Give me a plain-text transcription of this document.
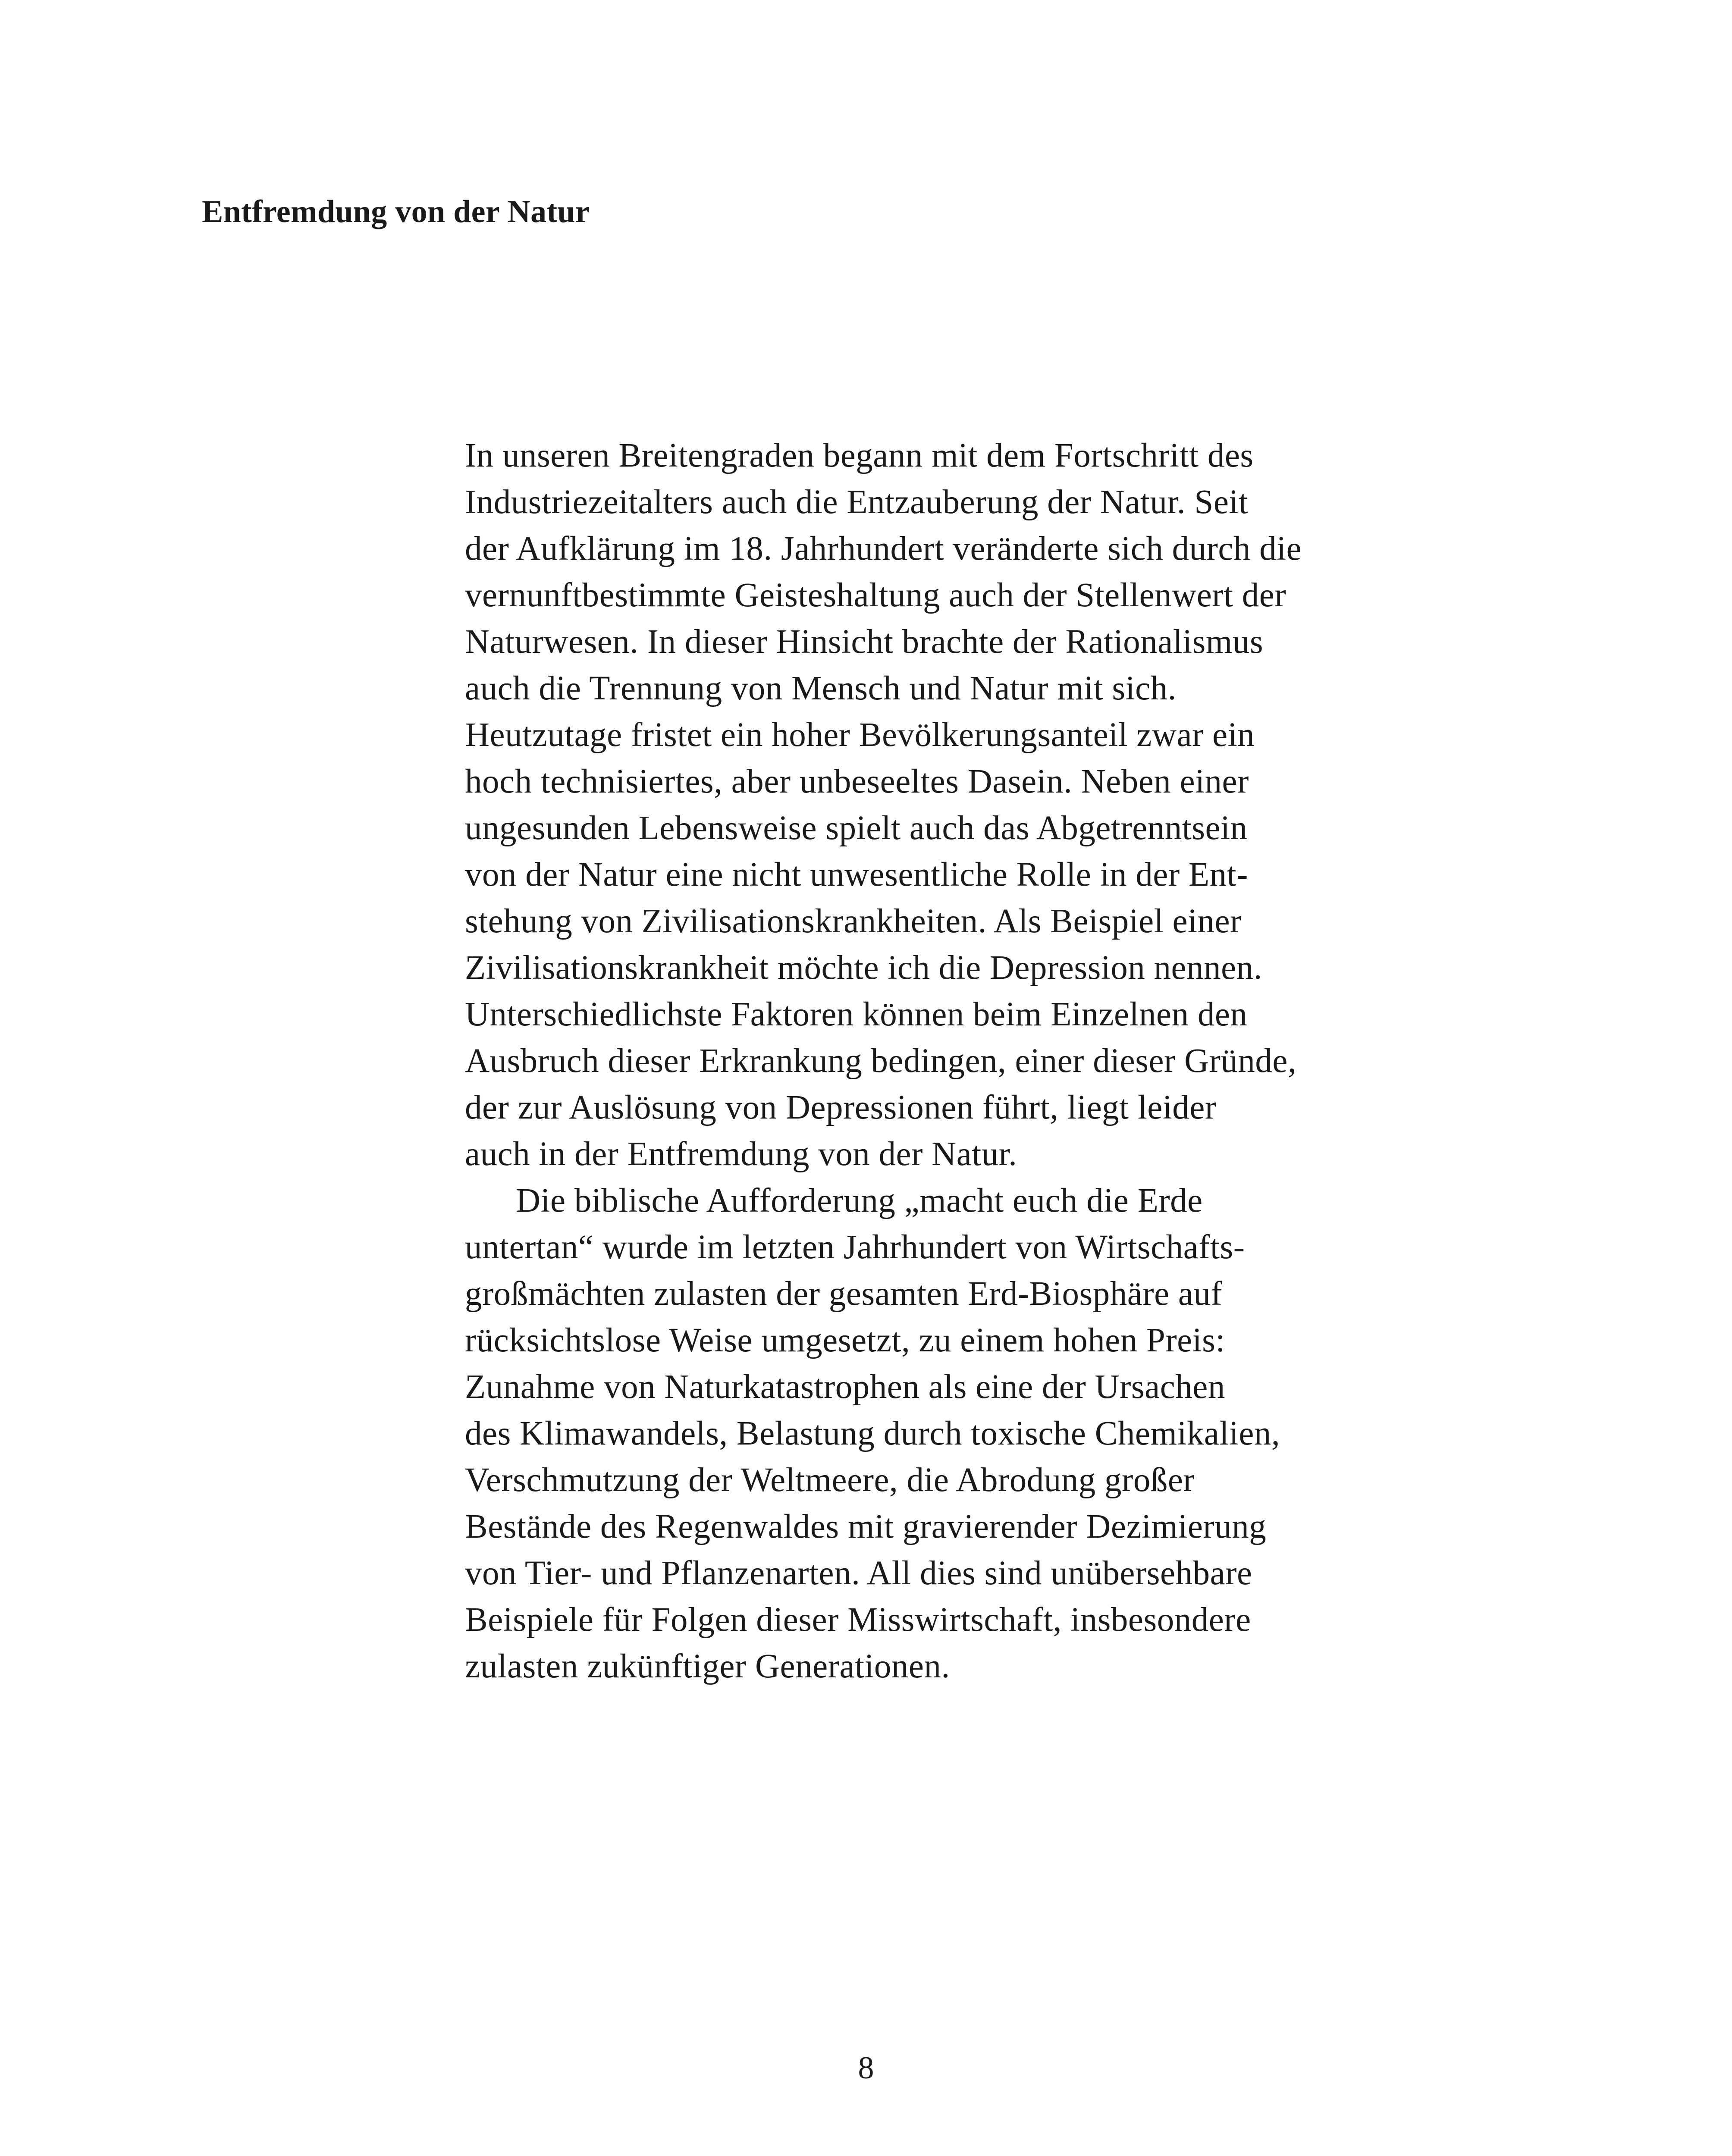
Entfremdung von der Natur
In unseren Breitengraden begann mit dem Fortschritt des
Industriezeitalters auch die Entzauberung der Natur. Seit
der Aufklärung im 18. Jahrhundert veränderte sich durch die
vernunftbestimmte Geisteshaltung auch der Stellenwert der
Naturwesen. In dieser Hinsicht brachte der Rationalismus
auch die Trennung von Mensch und Natur mit sich.
Heutzutage fristet ein hoher Bevölkerungsanteil zwar ein
hoch technisiertes, aber unbeseeltes Dasein. Neben einer
ungesunden Lebensweise spielt auch das Abgetrenntsein
von der Natur eine nicht unwesentliche Rolle in der Ent-
stehung von Zivilisationskrankheiten. Als Beispiel einer
Zivilisationskrankheit möchte ich die Depression nennen.
Unterschiedlichste Faktoren können beim Einzelnen den
Ausbruch dieser Erkrankung bedingen, einer dieser Gründe,
der zur Auslösung von Depressionen führt, liegt leider
auch in der Entfremdung von der Natur.
Die biblische Aufforderung „macht euch die Erde
untertan“ wurde im letzten Jahrhundert von Wirtschafts-
großmächten zulasten der gesamten Erd-Biosphäre auf
rücksichtslose Weise umgesetzt, zu einem hohen Preis:
Zunahme von Naturkatastrophen als eine der Ursachen
des Klimawandels, Belastung durch toxische Chemikalien,
Verschmutzung der Weltmeere, die Abrodung großer
Bestände des Regenwaldes mit gravierender Dezimierung
von Tier- und Pflanzenarten. All dies sind unübersehbare
Beispiele für Folgen dieser Misswirtschaft, insbesondere
zulasten zukünftiger Generationen.
8
